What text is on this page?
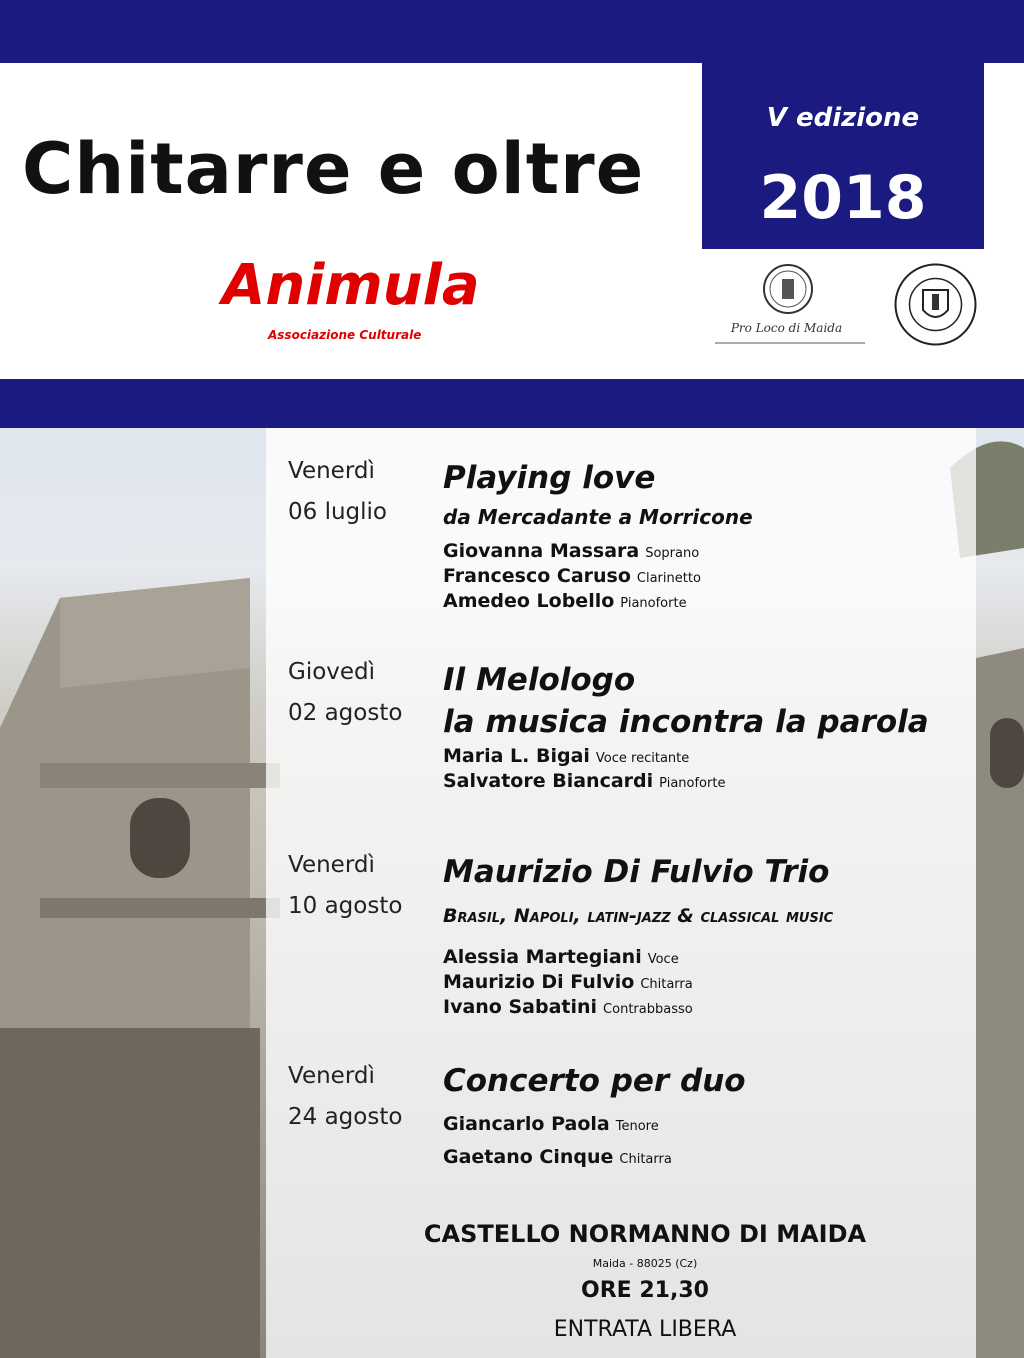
Chitarre e oltre
Animula
Associazione Culturale
V edizione
2018
Pro Loco di Maida
Venerdì
06 luglio
Playing love
da Mercadante a Morricone
Giovanna Massara Soprano
Francesco Caruso Clarinetto
Amedeo Lobello Pianoforte
Giovedì
02 agosto
Il Melologo
la musica incontra la parola
Maria L. Bigai Voce recitante
Salvatore Biancardi Pianoforte
Venerdì
10 agosto
Maurizio Di Fulvio Trio
Brasil, Napoli, latin-jazz & classical music
Alessia Martegiani Voce
Maurizio Di Fulvio Chitarra
Ivano Sabatini Contrabbasso
Venerdì
24 agosto
Concerto per duo
Giancarlo Paola Tenore
Gaetano Cinque Chitarra
CASTELLO NORMANNO DI MAIDA
Maida - 88025 (Cz)
ORE 21,30
ENTRATA LIBERA
